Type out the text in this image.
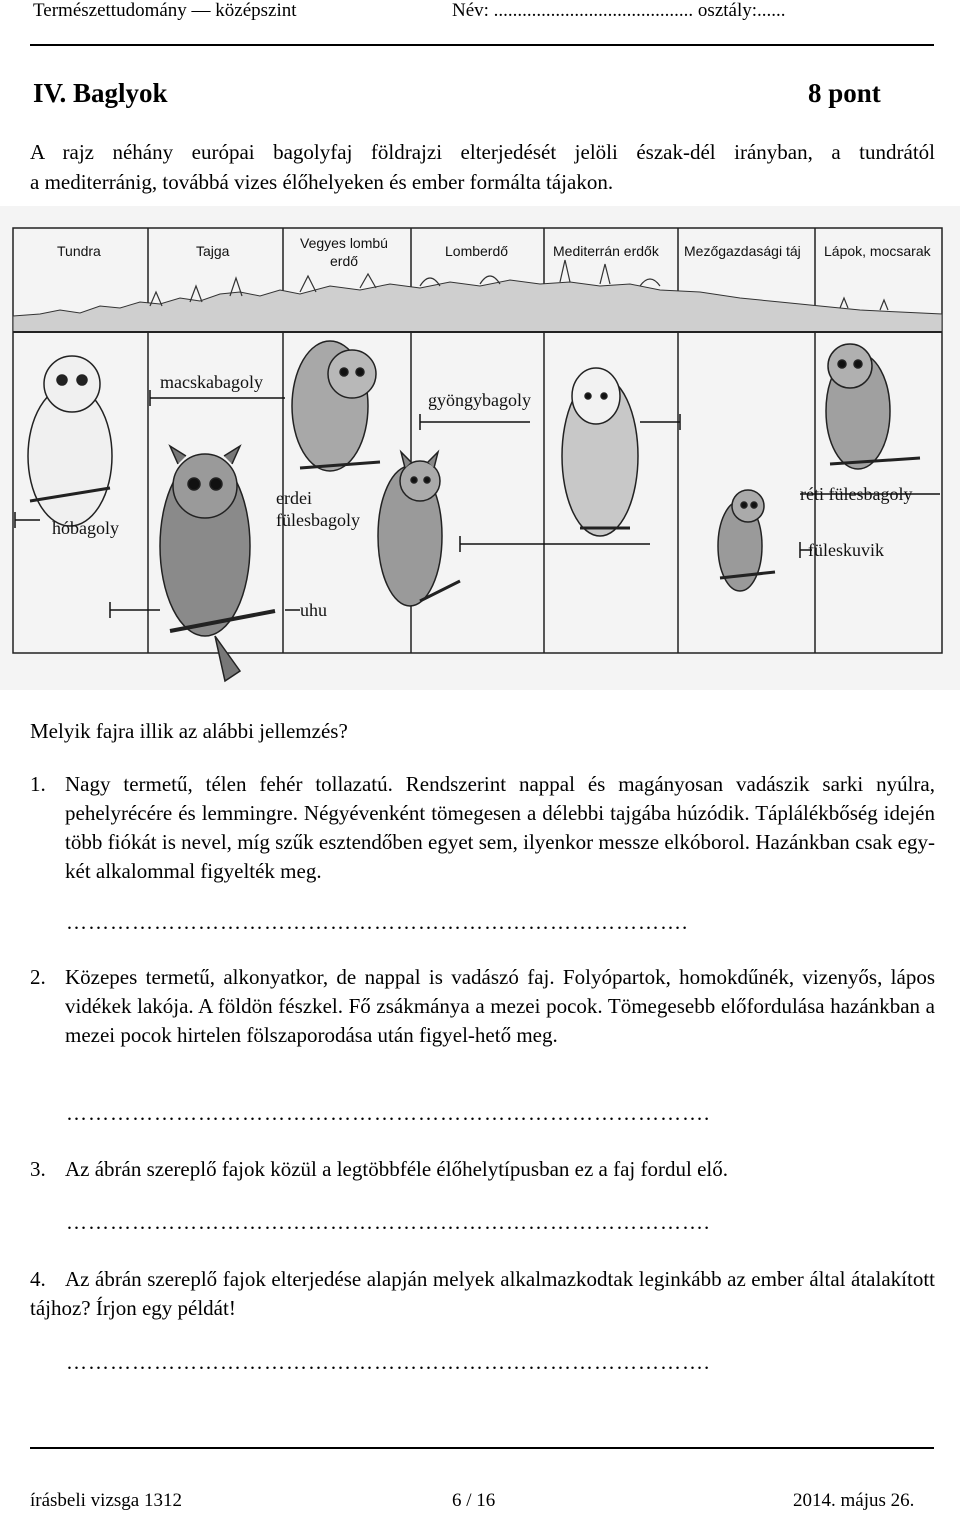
Természettudomány — középszint	Név: .......................................... osztály:......
IV. Baglyok	8 pont
A rajz néhány európai bagolyfaj földrajzi elterjedését jelöli észak-dél irányban, a tundrától
a mediterránig, továbbá vizes élőhelyeken és ember formálta tájakon.
Tundra	Tajga	Vegyes lombú
erdő
Lomberdő	Mediterrán erdők Mezőgazdasági táj Lápok, mocsarak
macskabagoly
gyöngybagoly
hóbagoly
erdei
fülesbagoly
réti fülesbagoly
füleskuvik
uhu
Melyik fajra illik az alábbi jellemzés?
1. Nagy termetű, télen fehér tollazatú. Rendszerint nappal és magányosan vadászik sarki nyúlra, pehelyrécére és lemmingre. Négyévenként tömegesen a délebbi tajgába húzódik. Táplálékbőség idején több fiókát is nevel, míg szűk esztendőben egyet sem, ilyenkor messze elkóborol. Hazánkban csak egy-két alkalommal figyelték meg.
………………………………………………………………………….
2. Közepes termetű, alkonyatkor, de nappal is vadászó faj. Folyópartok, homokdűnék, vizenyős, lápos vidékek lakója. A földön fészkel. Fő zsákmánya a mezei pocok. Tömegesebb előfordulása hazánkban a mezei pocok hirtelen fölszaporodása után figyel-hető meg.
…………………………………………………………………………….
3. Az ábrán szereplő fajok közül a legtöbbféle élőhelytípusban ez a faj fordul elő.
…………………………………………………………………………….
4. Az ábrán szereplő fajok elterjedése alapján melyek alkalmazkodtak leginkább az ember által átalakított tájhoz? Írjon egy példát!
…………………………………………………………………………….
írásbeli vizsga 1312	6 / 16	2014. május 26.
